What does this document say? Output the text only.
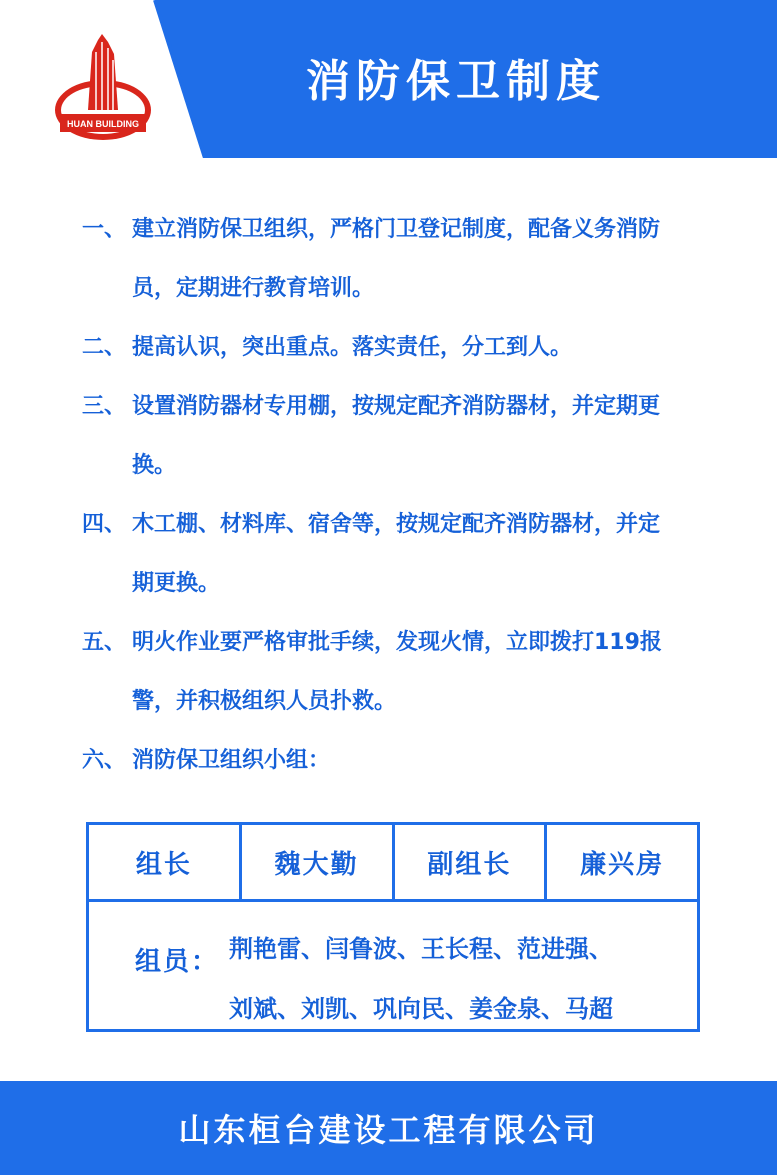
HUAN BUILDING
消防保卫制度
一、 建立消防保卫组织，严格门卫登记制度，配备义务消防
员，定期进行教育培训。
二、 提高认识，突出重点。落实责任，分工到人。
三、 设置消防器材专用棚，按规定配齐消防器材，并定期更
换。
四、 木工棚、材料库、宿舍等，按规定配齐消防器材，并定
期更换。
五、 明火作业要严格审批手续，发现火情，立即拨打119报
警，并积极组织人员扑救。
六、 消防保卫组织小组：
组长	魏大勤	副组长	廉兴房
组员： 荆艳雷、闫鲁波、王长程、范进强、
刘斌、刘凯、巩向民、姜金泉、马超
山东桓台建设工程有限公司
